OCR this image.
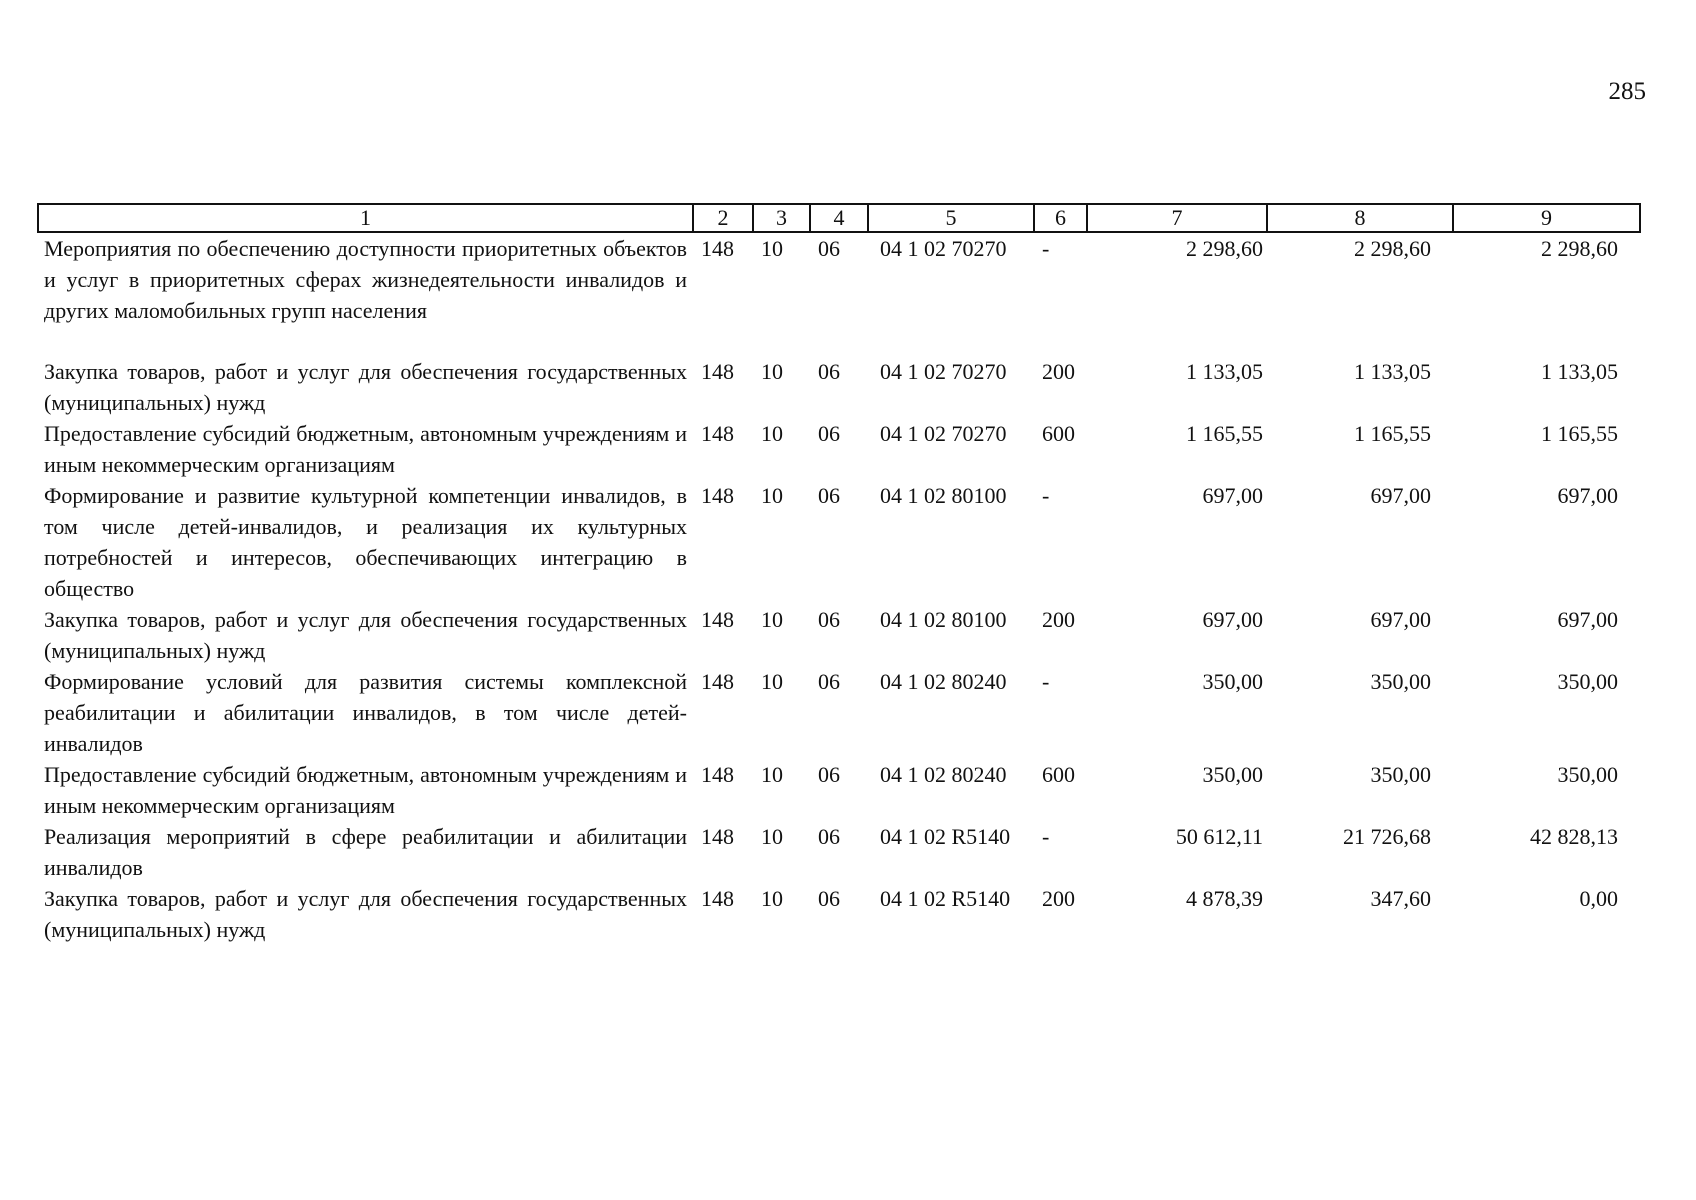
285
1	2	3	4	5	6	7	8	9
Мероприятия по обеспечению доступности приоритетных объектов и услуг в приоритетных сферах жизнедеятельности инвалидов и других маломобильных групп населения	148	10	06	04 1 02 70270	-	2 298,60	2 298,60	2 298,60

Закупка товаров, работ и услуг для обеспечения государственных (муниципальных) нужд	148	10	06	04 1 02 70270	200	1 133,05	1 133,05	1 133,05
Предоставление субсидий бюджетным, автономным учреждениям и иным некоммерческим организациям	148	10	06	04 1 02 70270	600	1 165,55	1 165,55	1 165,55
Формирование и развитие культурной компетенции инвалидов, в том числе детей-инвалидов, и реализация их культурных потребностей и интересов, обеспечивающих интеграцию в общество	148	10	06	04 1 02 80100	-	697,00	697,00	697,00
Закупка товаров, работ и услуг для обеспечения государственных (муниципальных) нужд	148	10	06	04 1 02 80100	200	697,00	697,00	697,00
Формирование условий для развития системы комплексной реабилитации и абилитации инвалидов, в том числе детей-инвалидов	148	10	06	04 1 02 80240	-	350,00	350,00	350,00
Предоставление субсидий бюджетным, автономным учреждениям и иным некоммерческим организациям	148	10	06	04 1 02 80240	600	350,00	350,00	350,00
Реализация мероприятий в сфере реабилитации и абилитации инвалидов	148	10	06	04 1 02 R5140	-	50 612,11	21 726,68	42 828,13
Закупка товаров, работ и услуг для обеспечения государственных (муниципальных) нужд	148	10	06	04 1 02 R5140	200	4 878,39	347,60	0,00
